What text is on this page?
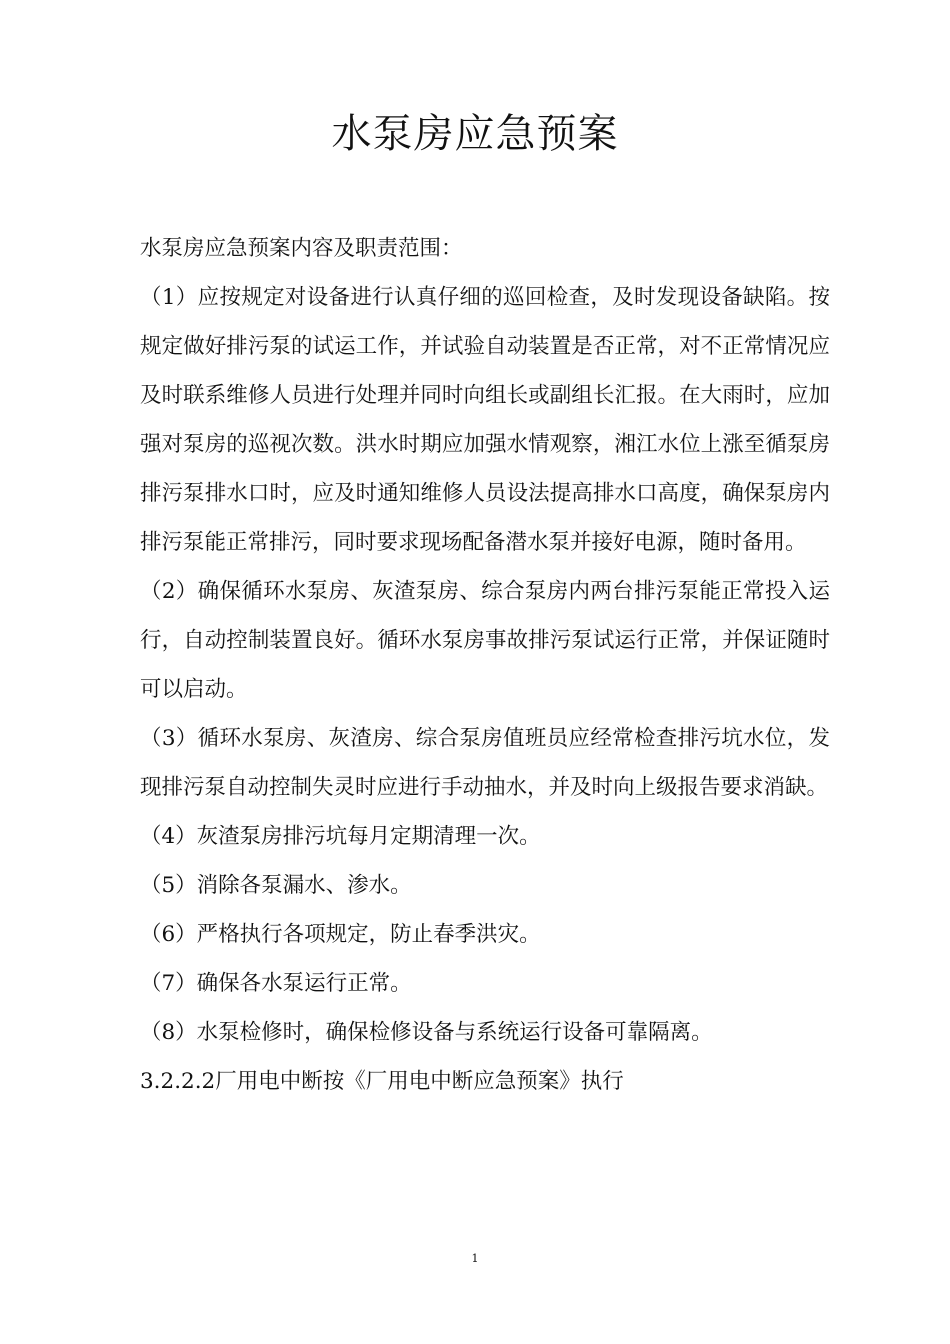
水泵房应急预案

水泵房应急预案内容及职责范围：

（1）应按规定对设备进行认真仔细的巡回检查，及时发现设备缺陷。按规定做好排污泵的试运工作，并试验自动装置是否正常，对不正常情况应及时联系维修人员进行处理并同时向组长或副组长汇报。在大雨时，应加强对泵房的巡视次数。洪水时期应加强水情观察，湘江水位上涨至循泵房排污泵排水口时，应及时通知维修人员设法提高排水口高度，确保泵房内排污泵能正常排污，同时要求现场配备潜水泵并接好电源，随时备用。

（2）确保循环水泵房、灰渣泵房、综合泵房内两台排污泵能正常投入运行，自动控制装置良好。循环水泵房事故排污泵试运行正常，并保证随时可以启动。

（3）循环水泵房、灰渣房、综合泵房值班员应经常检查排污坑水位，发现排污泵自动控制失灵时应进行手动抽水，并及时向上级报告要求消缺。

（4）灰渣泵房排污坑每月定期清理一次。

（5）消除各泵漏水、渗水。

（6）严格执行各项规定，防止春季洪灾。

（7）确保各水泵运行正常。

（8）水泵检修时，确保检修设备与系统运行设备可靠隔离。

3.2.2.2厂用电中断按《厂用电中断应急预案》执行

1
